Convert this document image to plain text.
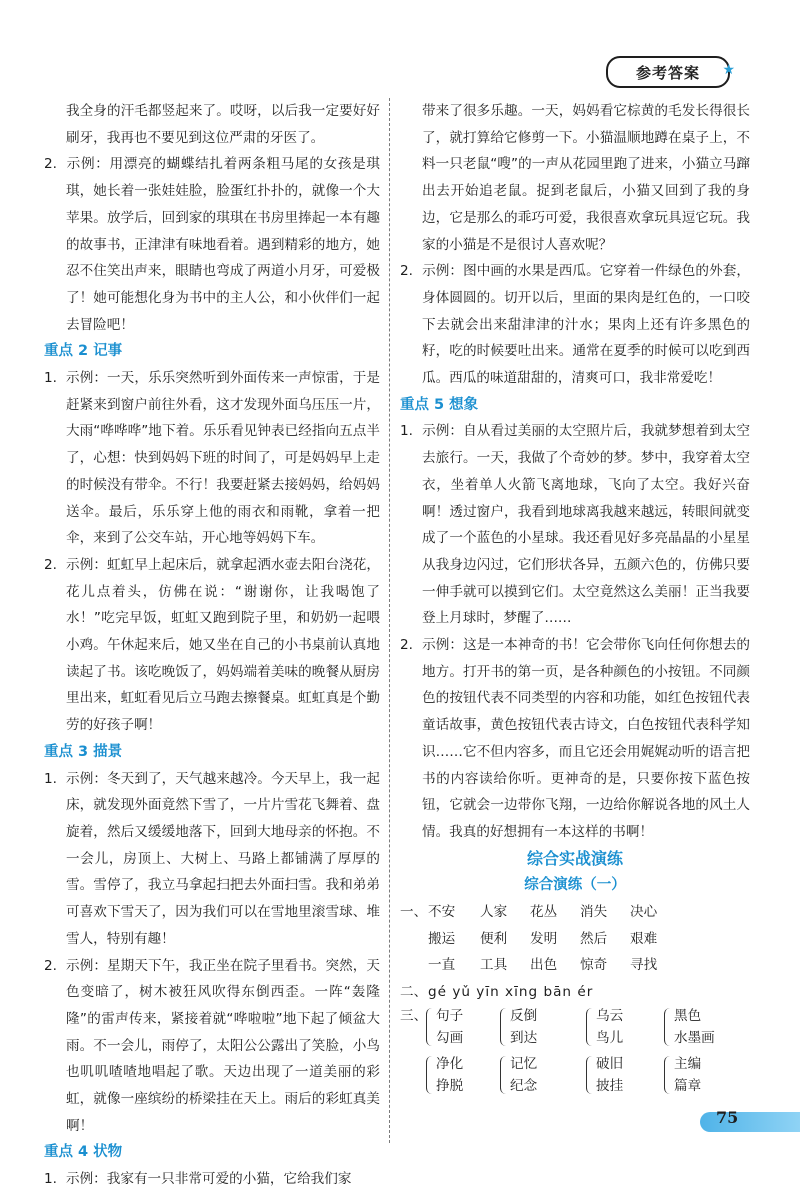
参考答案 ★

我全身的汗毛都竖起来了。哎呀，以后我一定要好好刷牙，我再也不要见到这位严肃的牙医了。

2. 示例：用漂亮的蝴蝶结扎着两条粗马尾的女孩是琪琪，她长着一张娃娃脸，脸蛋红扑扑的，就像一个大苹果。放学后，回到家的琪琪在书房里捧起一本有趣的故事书，正津津有味地看着。遇到精彩的地方，她忍不住笑出声来，眼睛也弯成了两道小月牙，可爱极了！她可能想化身为书中的主人公，和小伙伴们一起去冒险吧！

重点 2 记事

1. 示例：一天，乐乐突然听到外面传来一声惊雷，于是赶紧来到窗户前往外看，这才发现外面乌压压一片，大雨“哗哗哗”地下着。乐乐看见钟表已经指向五点半了，心想：快到妈妈下班的时间了，可是妈妈早上走的时候没有带伞。不行！我要赶紧去接妈妈，给妈妈送伞。最后，乐乐穿上他的雨衣和雨靴，拿着一把伞，来到了公交车站，开心地等妈妈下车。

2. 示例：虹虹早上起床后，就拿起洒水壶去阳台浇花，花儿点着头，仿佛在说：“谢谢你，让我喝饱了水！”吃完早饭，虹虹又跑到院子里，和奶奶一起喂小鸡。午休起来后，她又坐在自己的小书桌前认真地读起了书。该吃晚饭了，妈妈端着美味的晚餐从厨房里出来，虹虹看见后立马跑去擦餐桌。虹虹真是个勤劳的好孩子啊！

重点 3 描景

1. 示例：冬天到了，天气越来越冷。今天早上，我一起床，就发现外面竟然下雪了，一片片雪花飞舞着、盘旋着，然后又缓缓地落下，回到大地母亲的怀抱。不一会儿，房顶上、大树上、马路上都铺满了厚厚的雪。雪停了，我立马拿起扫把去外面扫雪。我和弟弟可喜欢下雪天了，因为我们可以在雪地里滚雪球、堆雪人，特别有趣！

2. 示例：星期天下午，我正坐在院子里看书。突然，天色变暗了，树木被狂风吹得东倒西歪。一阵“轰隆隆”的雷声传来，紧接着就“哗啦啦”地下起了倾盆大雨。不一会儿，雨停了，太阳公公露出了笑脸，小鸟也叽叽喳喳地唱起了歌。天边出现了一道美丽的彩虹，就像一座缤纷的桥梁挂在天上。雨后的彩虹真美啊！

重点 4 状物

1. 示例：我家有一只非常可爱的小猫，它给我们家

带来了很多乐趣。一天，妈妈看它棕黄的毛发长得很长了，就打算给它修剪一下。小猫温顺地蹲在桌子上，不料一只老鼠“嗖”的一声从花园里跑了进来，小猫立马蹿出去开始追老鼠。捉到老鼠后，小猫又回到了我的身边，它是那么的乖巧可爱，我很喜欢拿玩具逗它玩。我家的小猫是不是很讨人喜欢呢？

2. 示例：图中画的水果是西瓜。它穿着一件绿色的外套，身体圆圆的。切开以后，里面的果肉是红色的，一口咬下去就会出来甜津津的汁水；果肉上还有许多黑色的籽，吃的时候要吐出来。通常在夏季的时候可以吃到西瓜。西瓜的味道甜甜的，清爽可口，我非常爱吃！

重点 5 想象

1. 示例：自从看过美丽的太空照片后，我就梦想着到太空去旅行。一天，我做了个奇妙的梦。梦中，我穿着太空衣，坐着单人火箭飞离地球，飞向了太空。我好兴奋啊！透过窗户，我看到地球离我越来越远，转眼间就变成了一个蓝色的小星球。我还看见好多亮晶晶的小星星从我身边闪过，它们形状各异，五颜六色的，仿佛只要一伸手就可以摸到它们。太空竟然这么美丽！正当我要登上月球时，梦醒了……

2. 示例：这是一本神奇的书！它会带你飞向任何你想去的地方。打开书的第一页，是各种颜色的小按钮。不同颜色的按钮代表不同类型的内容和功能，如红色按钮代表童话故事，黄色按钮代表古诗文，白色按钮代表科学知识……它不但内容多，而且它还会用娓娓动听的语言把书的内容读给你听。更神奇的是，只要你按下蓝色按钮，它就会一边带你飞翔，一边给你解说各地的风土人情。我真的好想拥有一本这样的书啊！

综合实战演练

综合演练（一）

一、 不安 人家 花丛 消失 决心
搬运 便利 发明 然后 艰难
一直 工具 出色 惊奇 寻找
二、 gé yǔ yīn xīng bān ér
三、 句子
勾画
反倒
到达
乌云
鸟儿
黑色
水墨画
净化
挣脱
记忆
纪念
破旧
披挂
主编
篇章
75
